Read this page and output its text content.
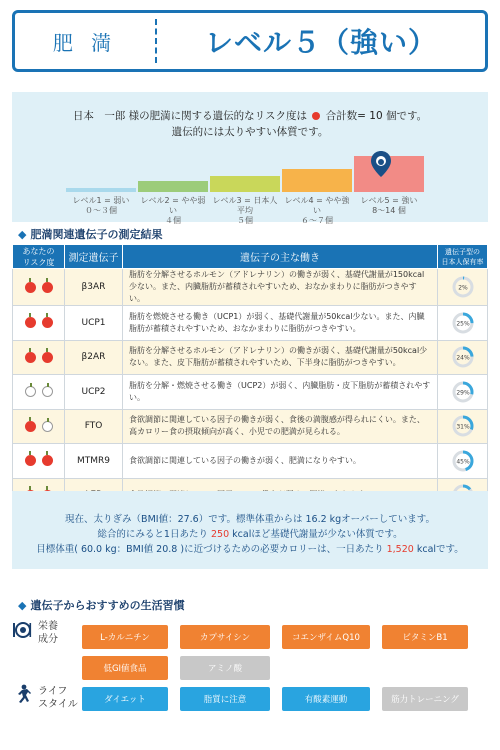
肥 満	レベル５（強い）
日本　一郎 様の肥満に関する遺伝的なリスク度は 合計数= 10 個です。
遺伝的には太りやすい体質です。
レベル1 = 弱い
０～３個
レベル2 = やや弱い
４個
レベル3 = 日本人平均
５個
レベル4 = やや強い
６～７個
レベル5 = 強い
8～14 個
◆ 肥満関連遺伝子の測定結果
あなたの
リスク度	測定遺伝子	遺伝子の主な働き	遺伝子型の
日本人保有率
	β3AR	脂肪を分解させるホルモン（アドレナリン）の働きが弱く、基礎代謝量が150kcal少ない。また、内臓脂肪が蓄積されやすいため、おなかまわりに脂肪がつきやすい。	2%

	UCP1	脂肪を燃焼させる働き（UCP1）が弱く、基礎代謝量が50kcal少ない。また、内臓脂肪が蓄積されやすいため、おなかまわりに脂肪がつきやすい。	25%

	β2AR	脂肪を分解させるホルモン（アドレナリン）の働きが弱く、基礎代謝量が50kcal少ない。また、皮下脂肪が蓄積されやすいため、下半身に脂肪がつきやすい。	24%

	UCP2	脂肪を分解・燃焼させる働き（UCP2）が弱く、内臓脂肪・皮下脂肪が蓄積されやすい。	29%

	FTO	食欲調節に関連している因子の働きが弱く、食後の満腹感が得られにくい。また、高カロリー食の摂取傾向が高く、小児での肥満が見られる。	31%

	MTMR9	食欲調節に関連している因子の働きが弱く、肥満になりやすい。	45%

現在、太りぎみ（BMI値：27.6）です。標準体重からは 16.2 kgオーバーしています。
総合的にみると1日あたり 250 kcalほど基礎代謝量が少ない体質です。
目標体重( 60.0 kg：BMI値 20.8 )に近づけるための必要カロリーは、一日あたり 1,520 kcalです。
◆ 遺伝子からおすすめの生活習慣
栄養
成分
ライフ
スタイル
L-カルニチン	カプサイシン	コエンザイムQ10	ビタミンB1
低GI値食品	アミノ酸
ダイエット	脂質に注意	有酸素運動	筋力トレーニング
